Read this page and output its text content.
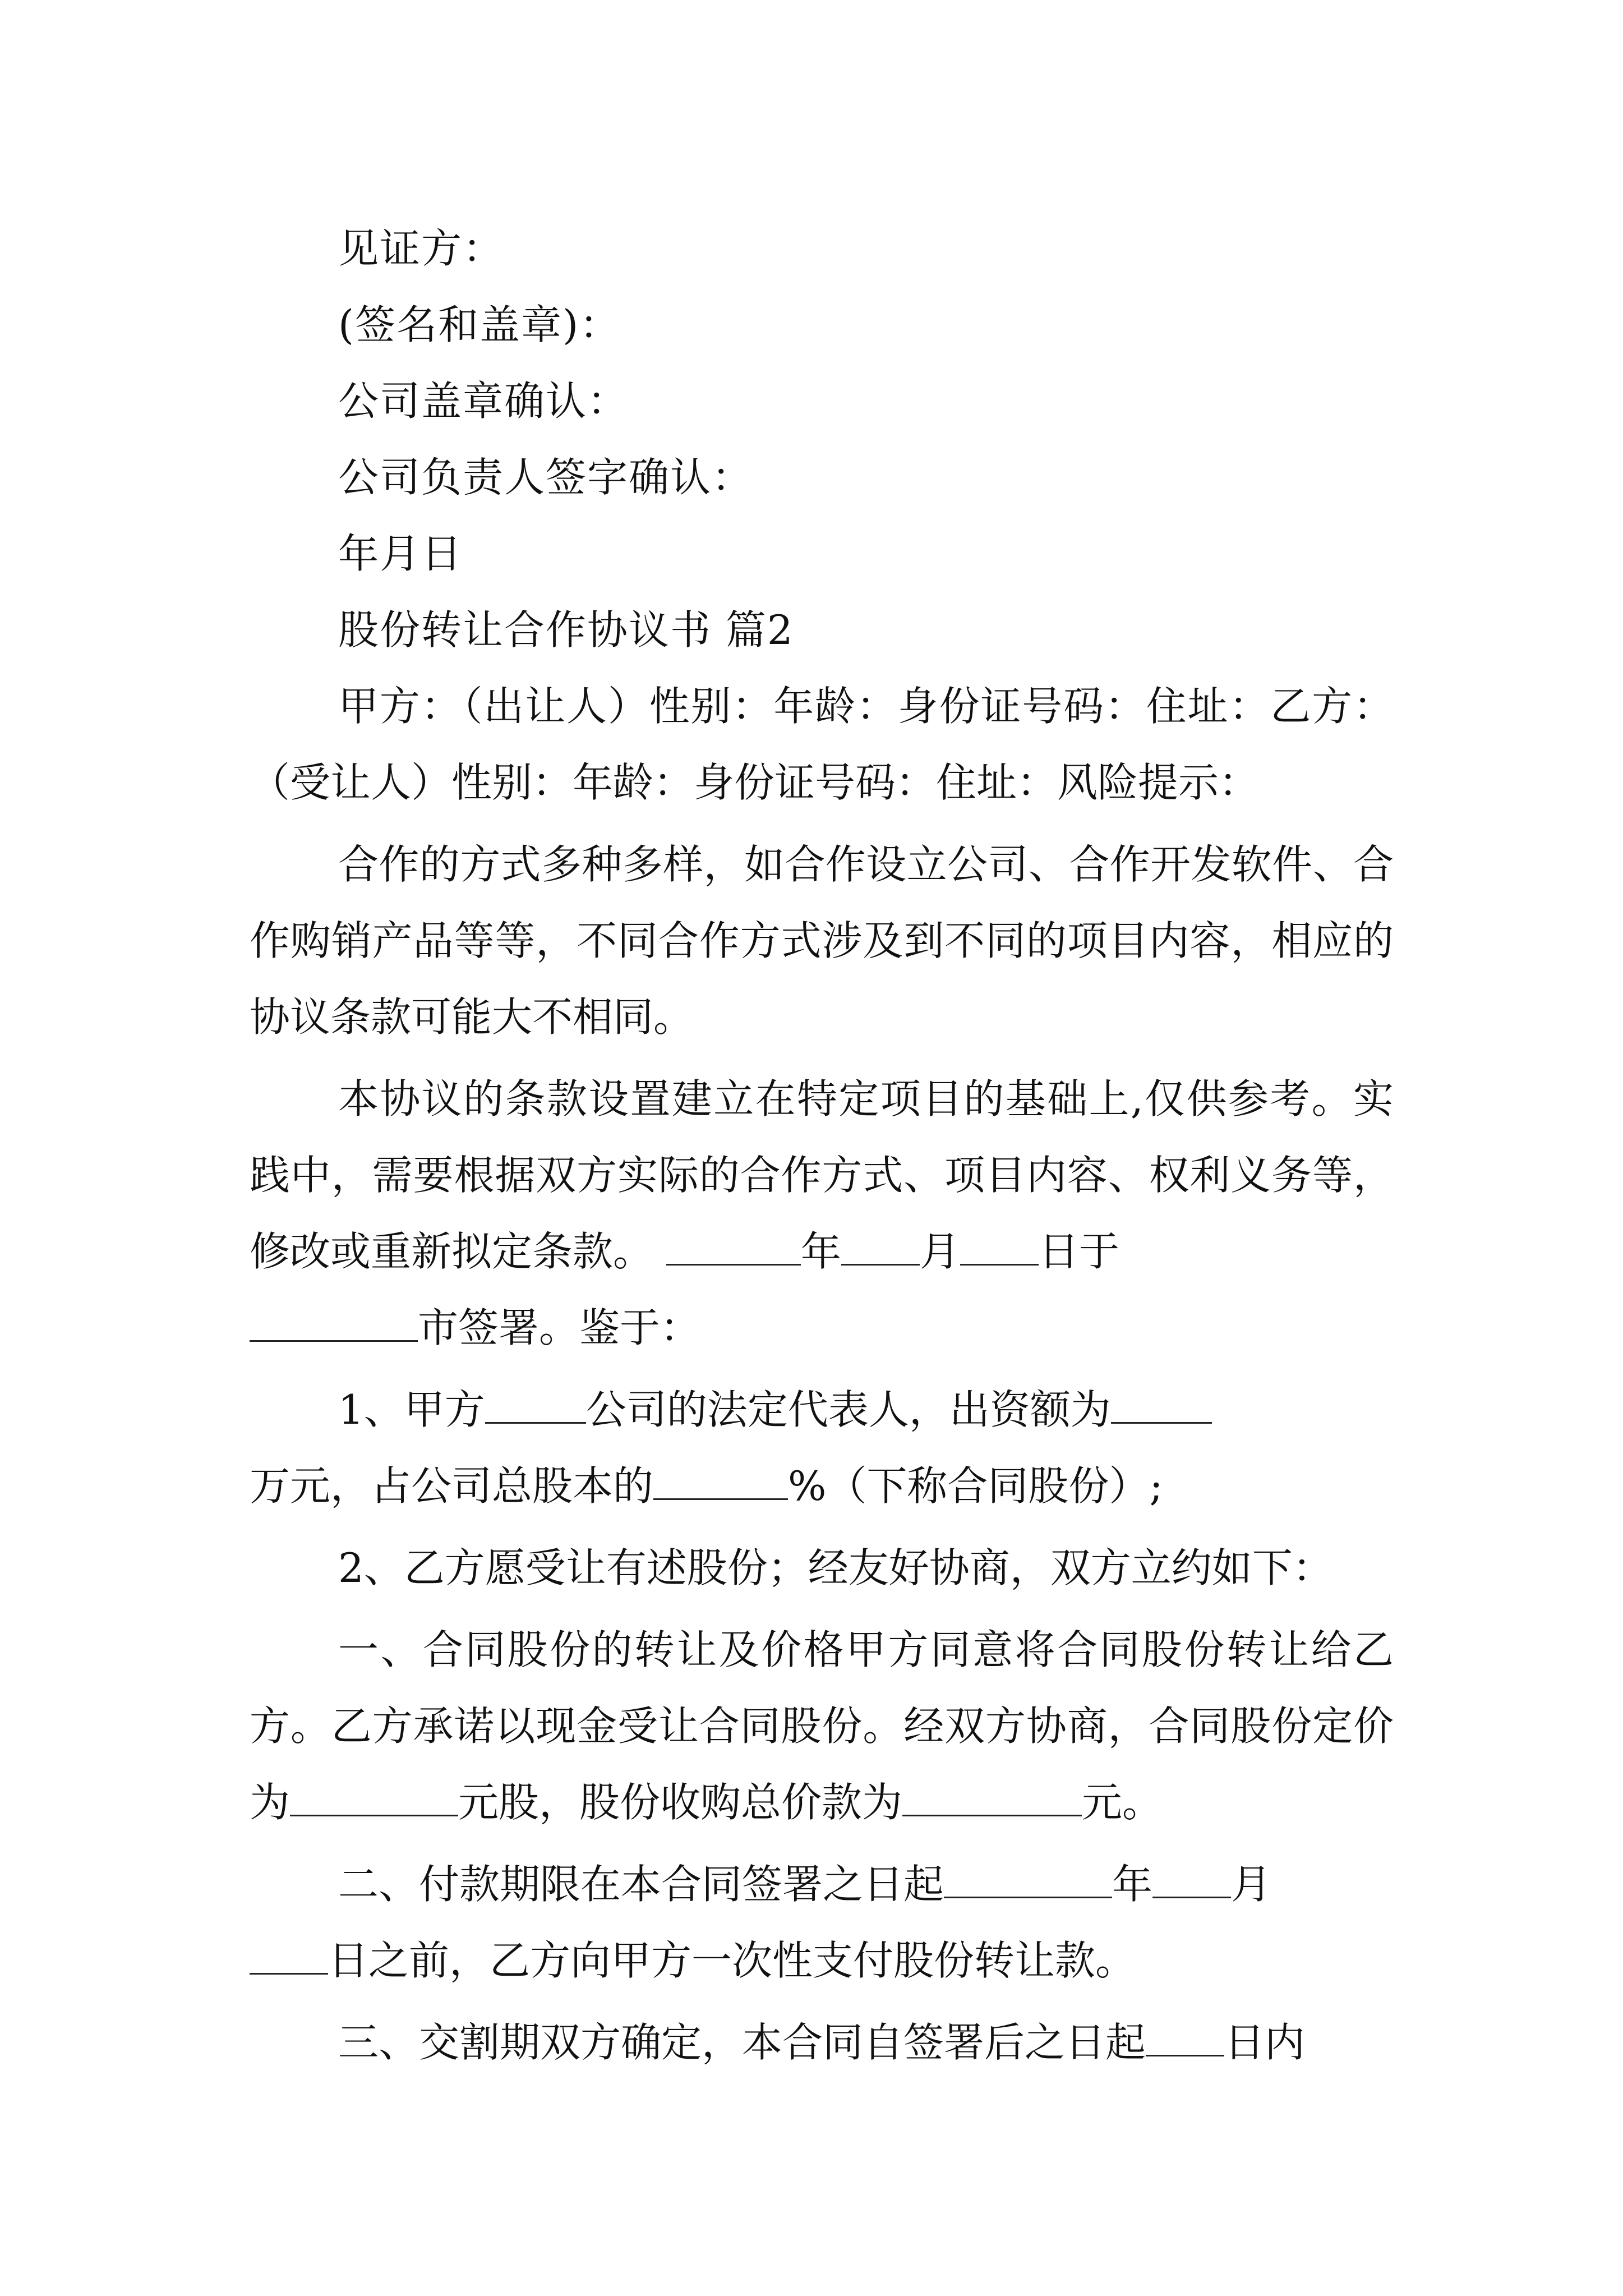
见证方：
(签名和盖章)：
公司盖章确认：
公司负责人签字确认：
年月日
股份转让合作协议书 篇2

甲方：（出让人）性别：年龄：身份证号码：住址：乙方：（受让人）性别：年龄：身份证号码：住址：风险提示：

合作的方式多种多样，如合作设立公司、合作开发软件、合作购销产品等等，不同合作方式涉及到不同的项目内容，相应的协议条款可能大不相同。

本协议的条款设置建立在特定项目的基础上,仅供参考。实践中，需要根据双方实际的合作方式、项目内容、权利义务等，修改或重新拟定条款。	年 月 日于
市签署。鉴于：

1、甲方	公司的法定代表人，出资额为
万元，占公司总股本的	%（下称合同股份）;

2、乙方愿受让有述股份；经友好协商，双方立约如下：

一、合同股份的转让及价格甲方同意将合同股份转让给乙方。乙方承诺以现金受让合同股份。经双方协商，合同股份定价为	元股，股份收购总价款为	元。

二、付款期限在本合同签署之日起	年 月
日之前，乙方向甲方一次性支付股份转让款。

三、交割期双方确定，本合同自签署后之日起 日内
